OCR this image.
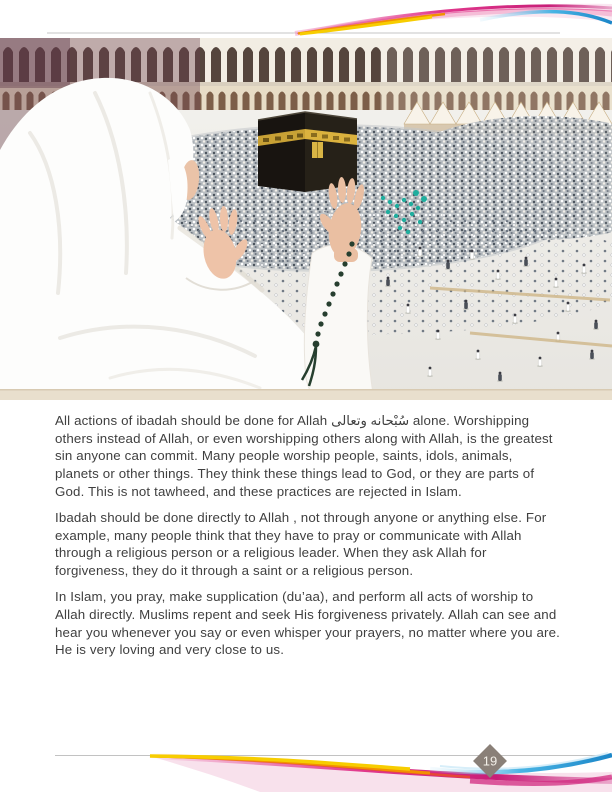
All actions of ibadah should be done for Allah سُبْحانه وتعالى alone. Worshipping others instead of Allah, or even worshipping others along with Allah, is the greatest sin anyone can commit. Many people worship people, saints, idols, animals, planets or other things. They think these things lead to God, or they are parts of God. This is not tawheed, and these practices are rejected in Islam.

Ibadah should be done directly to Allah , not through anyone or anything else. For example, many people think that they have to pray or communicate with Allah through a religious person or a religious leader. When they ask Allah for forgiveness, they do it through a saint or a religious person.

In Islam, you pray, make supplication (du’aa), and perform all acts of worship to Allah directly. Muslims repent and seek His forgiveness privately. Allah can see and hear you whenever you say or even whisper your prayers, no matter where you are. He is very loving and very close to us.

19
